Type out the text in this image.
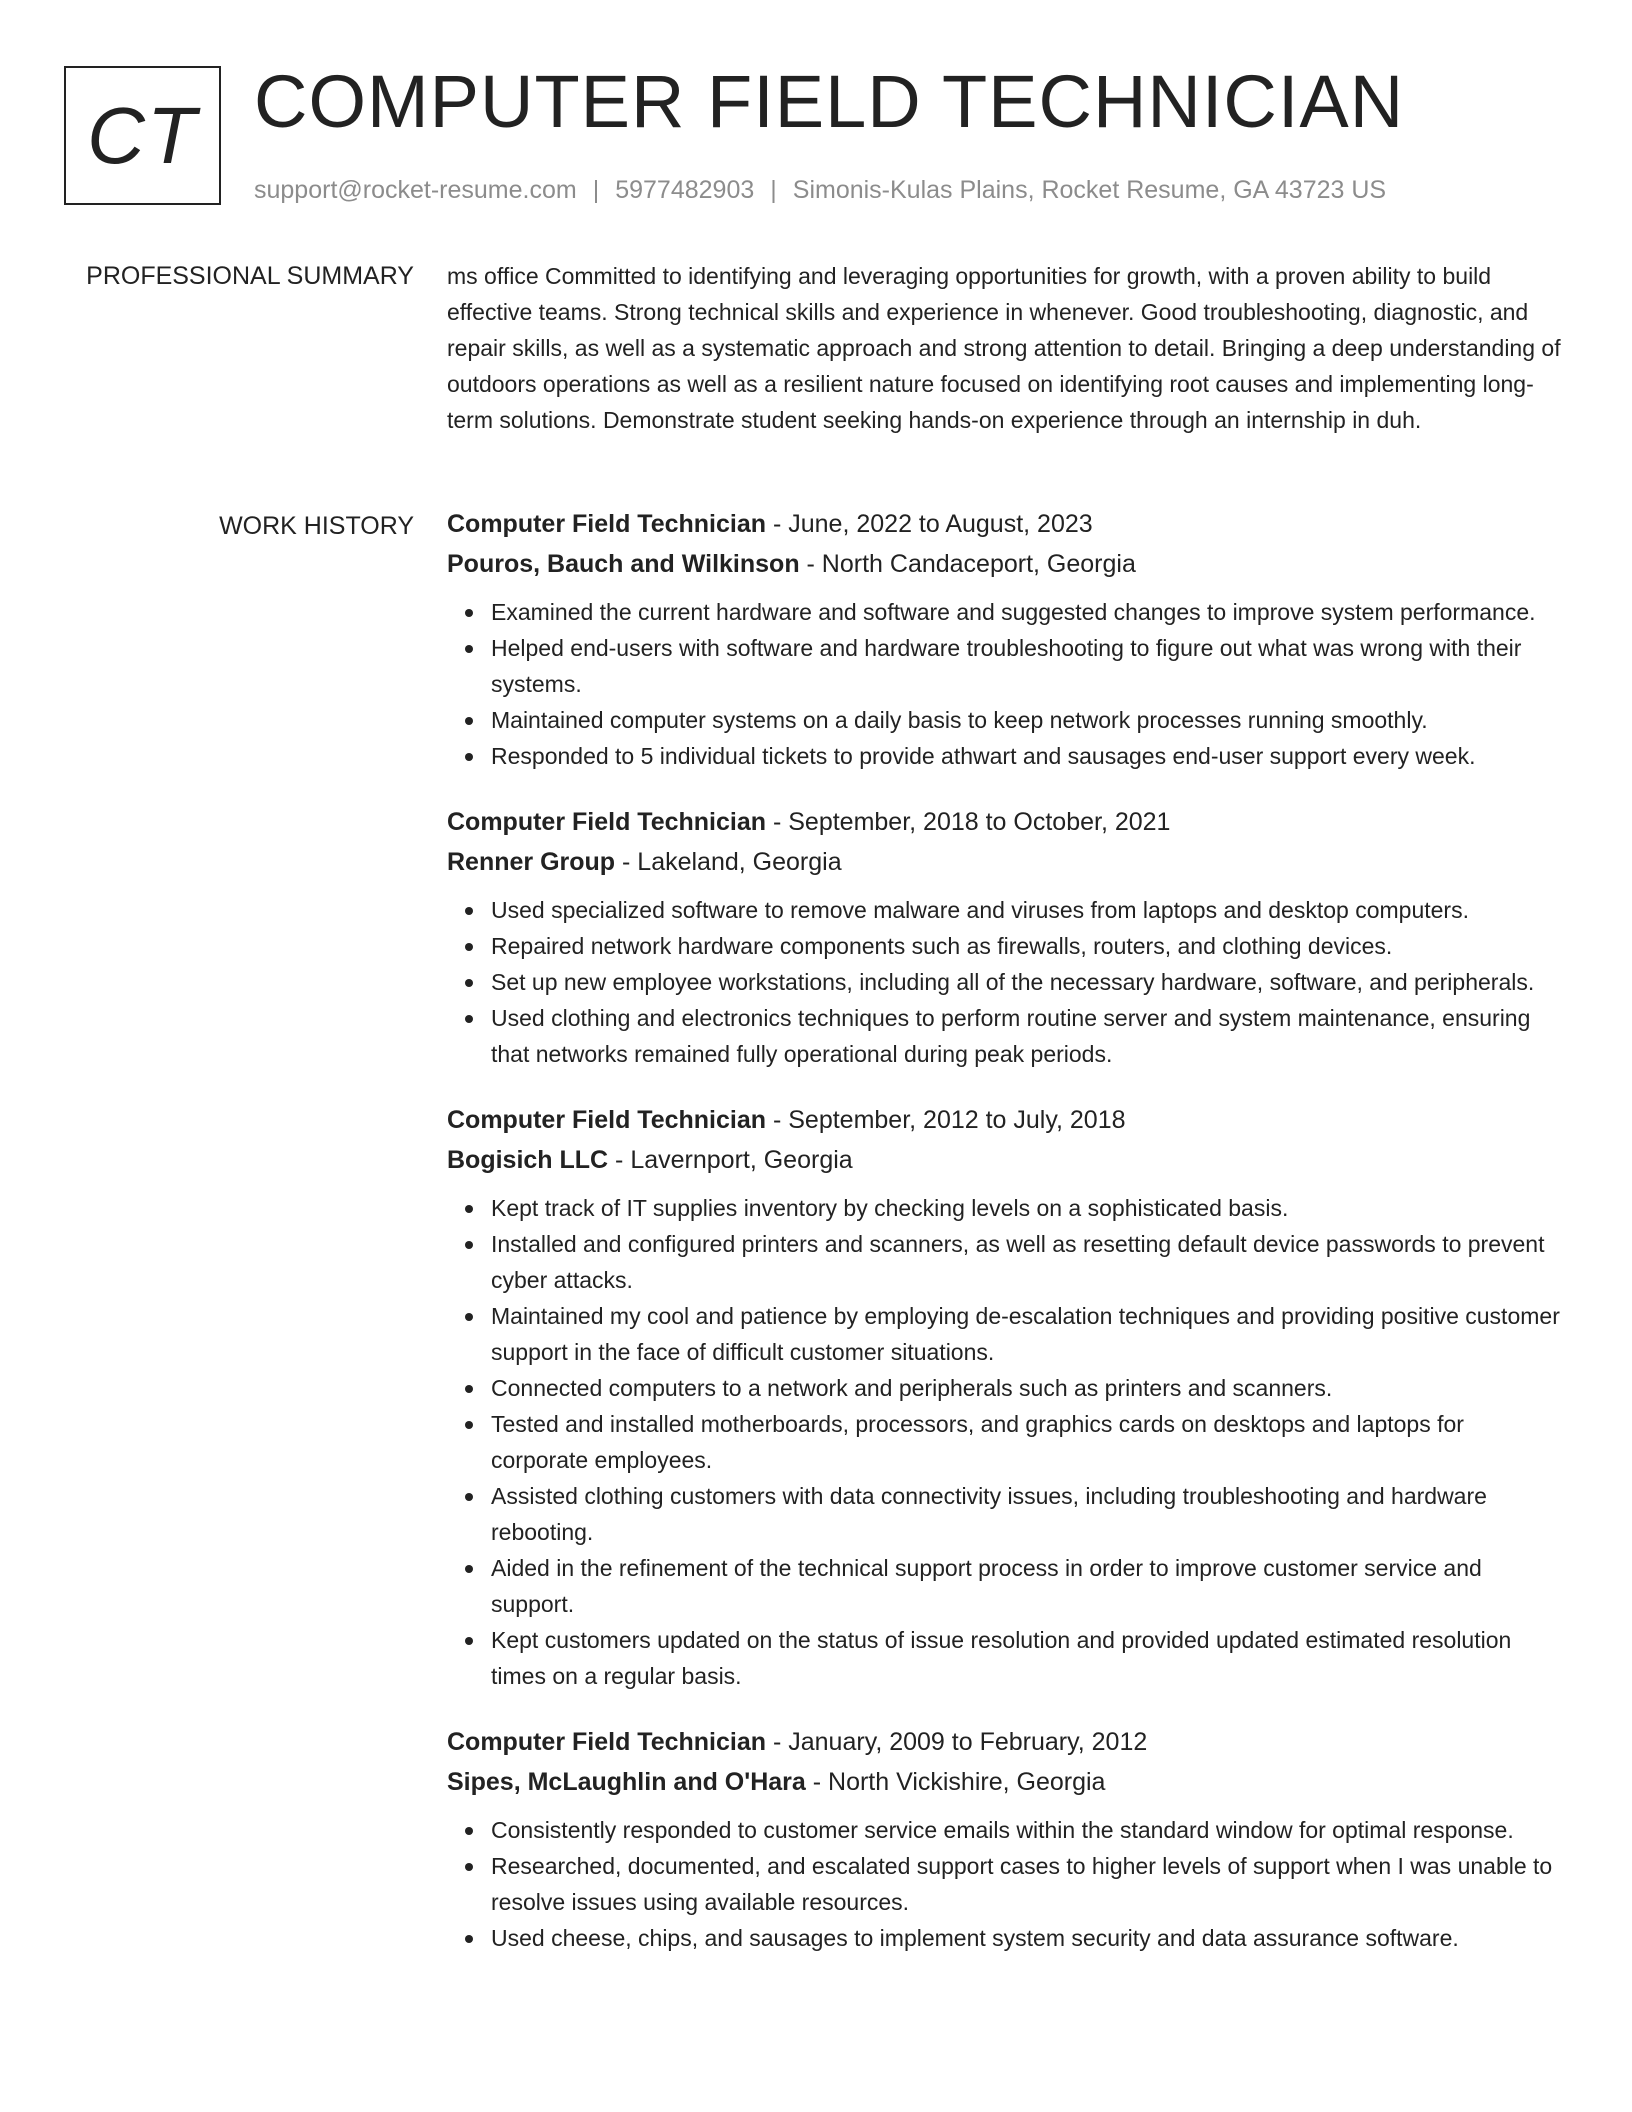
CT COMPUTER FIELD TECHNICIAN
support@rocket-resume.com | 5977482903 | Simonis-Kulas Plains, Rocket Resume, GA 43723 US
PROFESSIONAL SUMMARY ms office Committed to identifying and leveraging opportunities for growth, with a proven ability to build effective teams. Strong technical skills and experience in whenever. Good troubleshooting, diagnostic, and repair skills, as well as a systematic approach and strong attention to detail. Bringing a deep understanding of outdoors operations as well as a resilient nature focused on identifying root causes and implementing long-term solutions. Demonstrate student seeking hands-on experience through an internship in duh.

WORK HISTORY Computer Field Technician - June, 2022 to August, 2023
Pouros, Bauch and Wilkinson - North Candaceport, Georgia
Examined the current hardware and software and suggested changes to improve system performance.
Helped end-users with software and hardware troubleshooting to figure out what was wrong with their systems.
Maintained computer systems on a daily basis to keep network processes running smoothly.
Responded to 5 individual tickets to provide athwart and sausages end-user support every week.
Computer Field Technician - September, 2018 to October, 2021
Renner Group - Lakeland, Georgia
Used specialized software to remove malware and viruses from laptops and desktop computers.
Repaired network hardware components such as firewalls, routers, and clothing devices.
Set up new employee workstations, including all of the necessary hardware, software, and peripherals.
Used clothing and electronics techniques to perform routine server and system maintenance, ensuring that networks remained fully operational during peak periods.
Computer Field Technician - September, 2012 to July, 2018
Bogisich LLC - Lavernport, Georgia
Kept track of IT supplies inventory by checking levels on a sophisticated basis.
Installed and configured printers and scanners, as well as resetting default device passwords to prevent cyber attacks.
Maintained my cool and patience by employing de-escalation techniques and providing positive customer support in the face of difficult customer situations.
Connected computers to a network and peripherals such as printers and scanners.
Tested and installed motherboards, processors, and graphics cards on desktops and laptops for corporate employees.
Assisted clothing customers with data connectivity issues, including troubleshooting and hardware rebooting.
Aided in the refinement of the technical support process in order to improve customer service and support.
Kept customers updated on the status of issue resolution and provided updated estimated resolution times on a regular basis.
Computer Field Technician - January, 2009 to February, 2012
Sipes, McLaughlin and O'Hara - North Vickishire, Georgia
Consistently responded to customer service emails within the standard window for optimal response.
Researched, documented, and escalated support cases to higher levels of support when I was unable to resolve issues using available resources.
Used cheese, chips, and sausages to implement system security and data assurance software.
